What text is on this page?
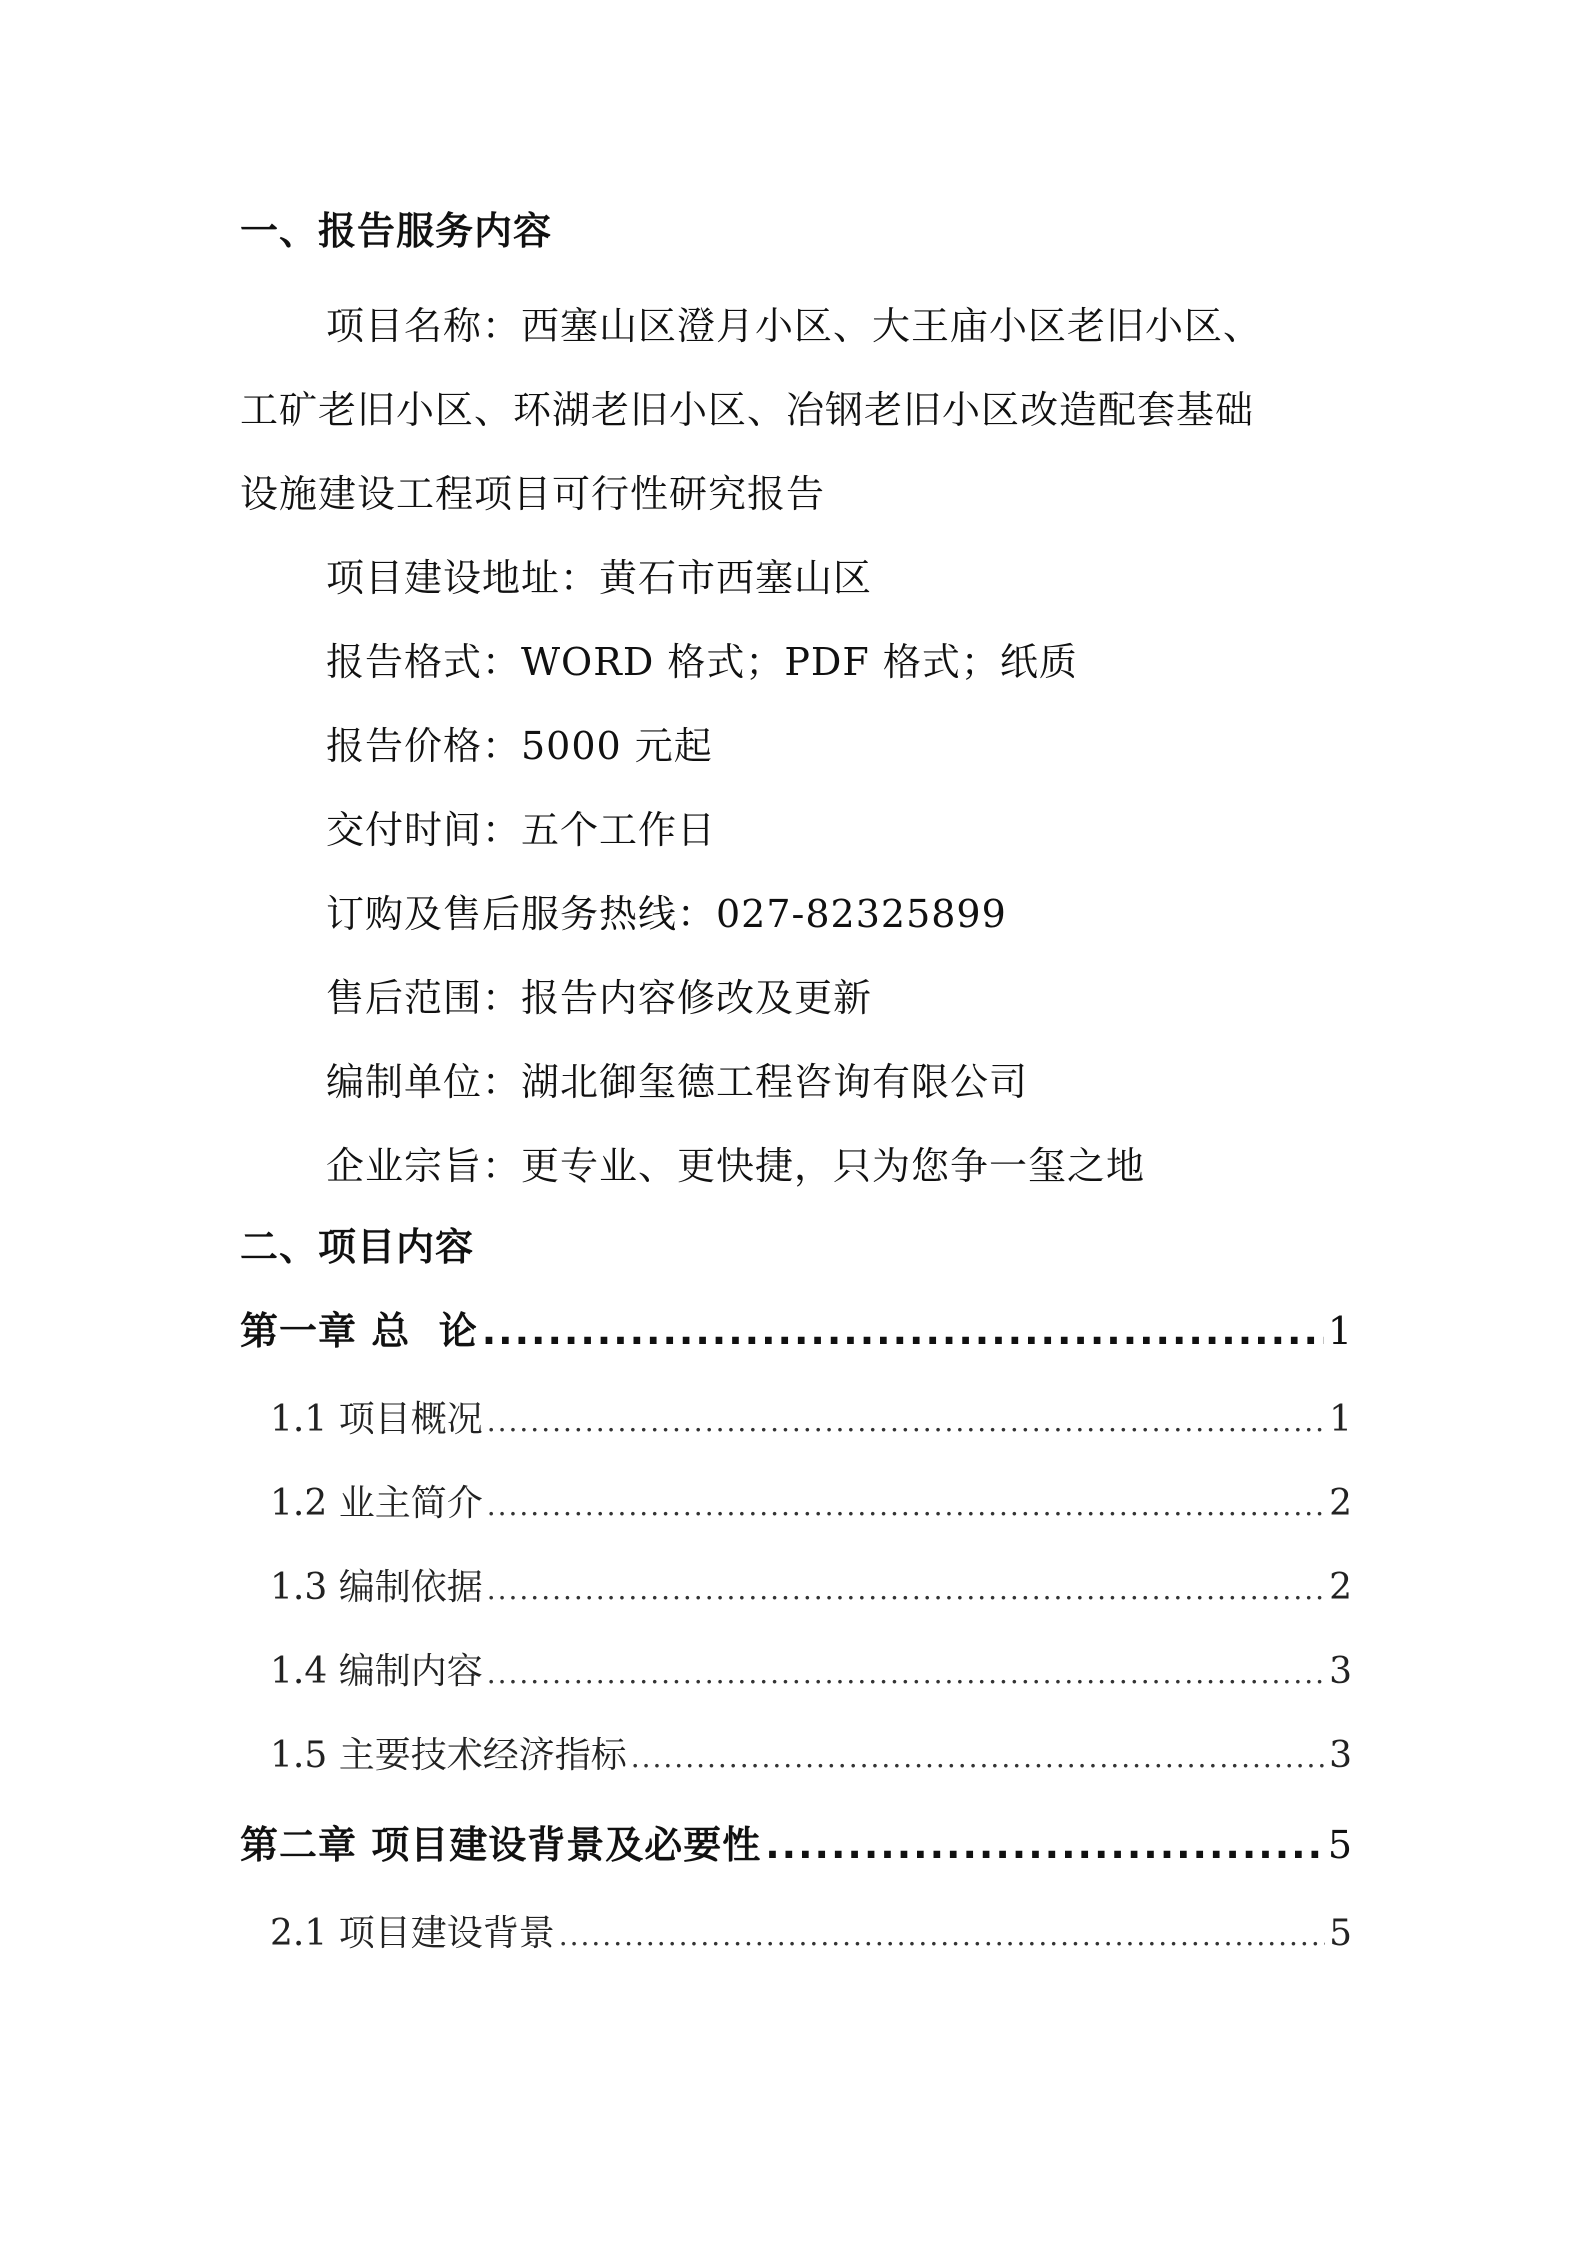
一、报告服务内容
项目名称：西塞山区澄月小区、大王庙小区老旧小区、
工矿老旧小区、环湖老旧小区、冶钢老旧小区改造配套基础
设施建设工程项目可行性研究报告
项目建设地址：黄石市西塞山区
报告格式：WORD 格式；PDF 格式；纸质
报告价格：5000 元起
交付时间：五个工作日
订购及售后服务热线：027-82325899
售后范围：报告内容修改及更新
编制单位：湖北御玺德工程咨询有限公司
企业宗旨：更专业、更快捷，只为您争一玺之地
二、项目内容
第一章 总  论 .....	1
1.1 项目概况 .....	1
1.2 业主简介 .....	2
1.3 编制依据 .....	2
1.4 编制内容 .....	3
1.5 主要技术经济指标 .....	3
第二章 项目建设背景及必要性 .....	5
2.1 项目建设背景 .....	5
